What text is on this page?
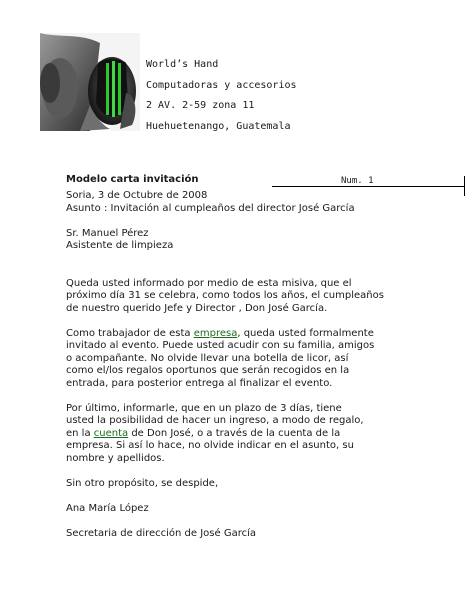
World’s Hand
Computadoras y accesorios
2 AV. 2-59 zona 11
Huehuetenango, Guatemala
Modelo carta invitación	Num. 1

Soria, 3 de Octubre de 2008

Asunto : Invitación al cumpleaños del director José García

Sr. Manuel Pérez

Asistente de limpieza

Queda usted informado por medio de esta misiva, que el

próximo día 31 se celebra, como todos los años, el cumpleaños

de nuestro querido Jefe y Director , Don José García.

Como trabajador de esta empresa, queda usted formalmente

invitado al evento. Puede usted acudir con su familia, amigos

o acompañante. No olvide llevar una botella de licor, así

como el/los regalos oportunos que serán recogidos en la

entrada, para posterior entrega al finalizar el evento.

Por último, informarle, que en un plazo de 3 días, tiene

usted la posibilidad de hacer un ingreso, a modo de regalo,

en la cuenta de Don José, o a través de la cuenta de la

empresa. Si así lo hace, no olvide indicar en el asunto, su

nombre y apellidos.

Sin otro propósito, se despide,

Ana María López

Secretaria de dirección de José García
